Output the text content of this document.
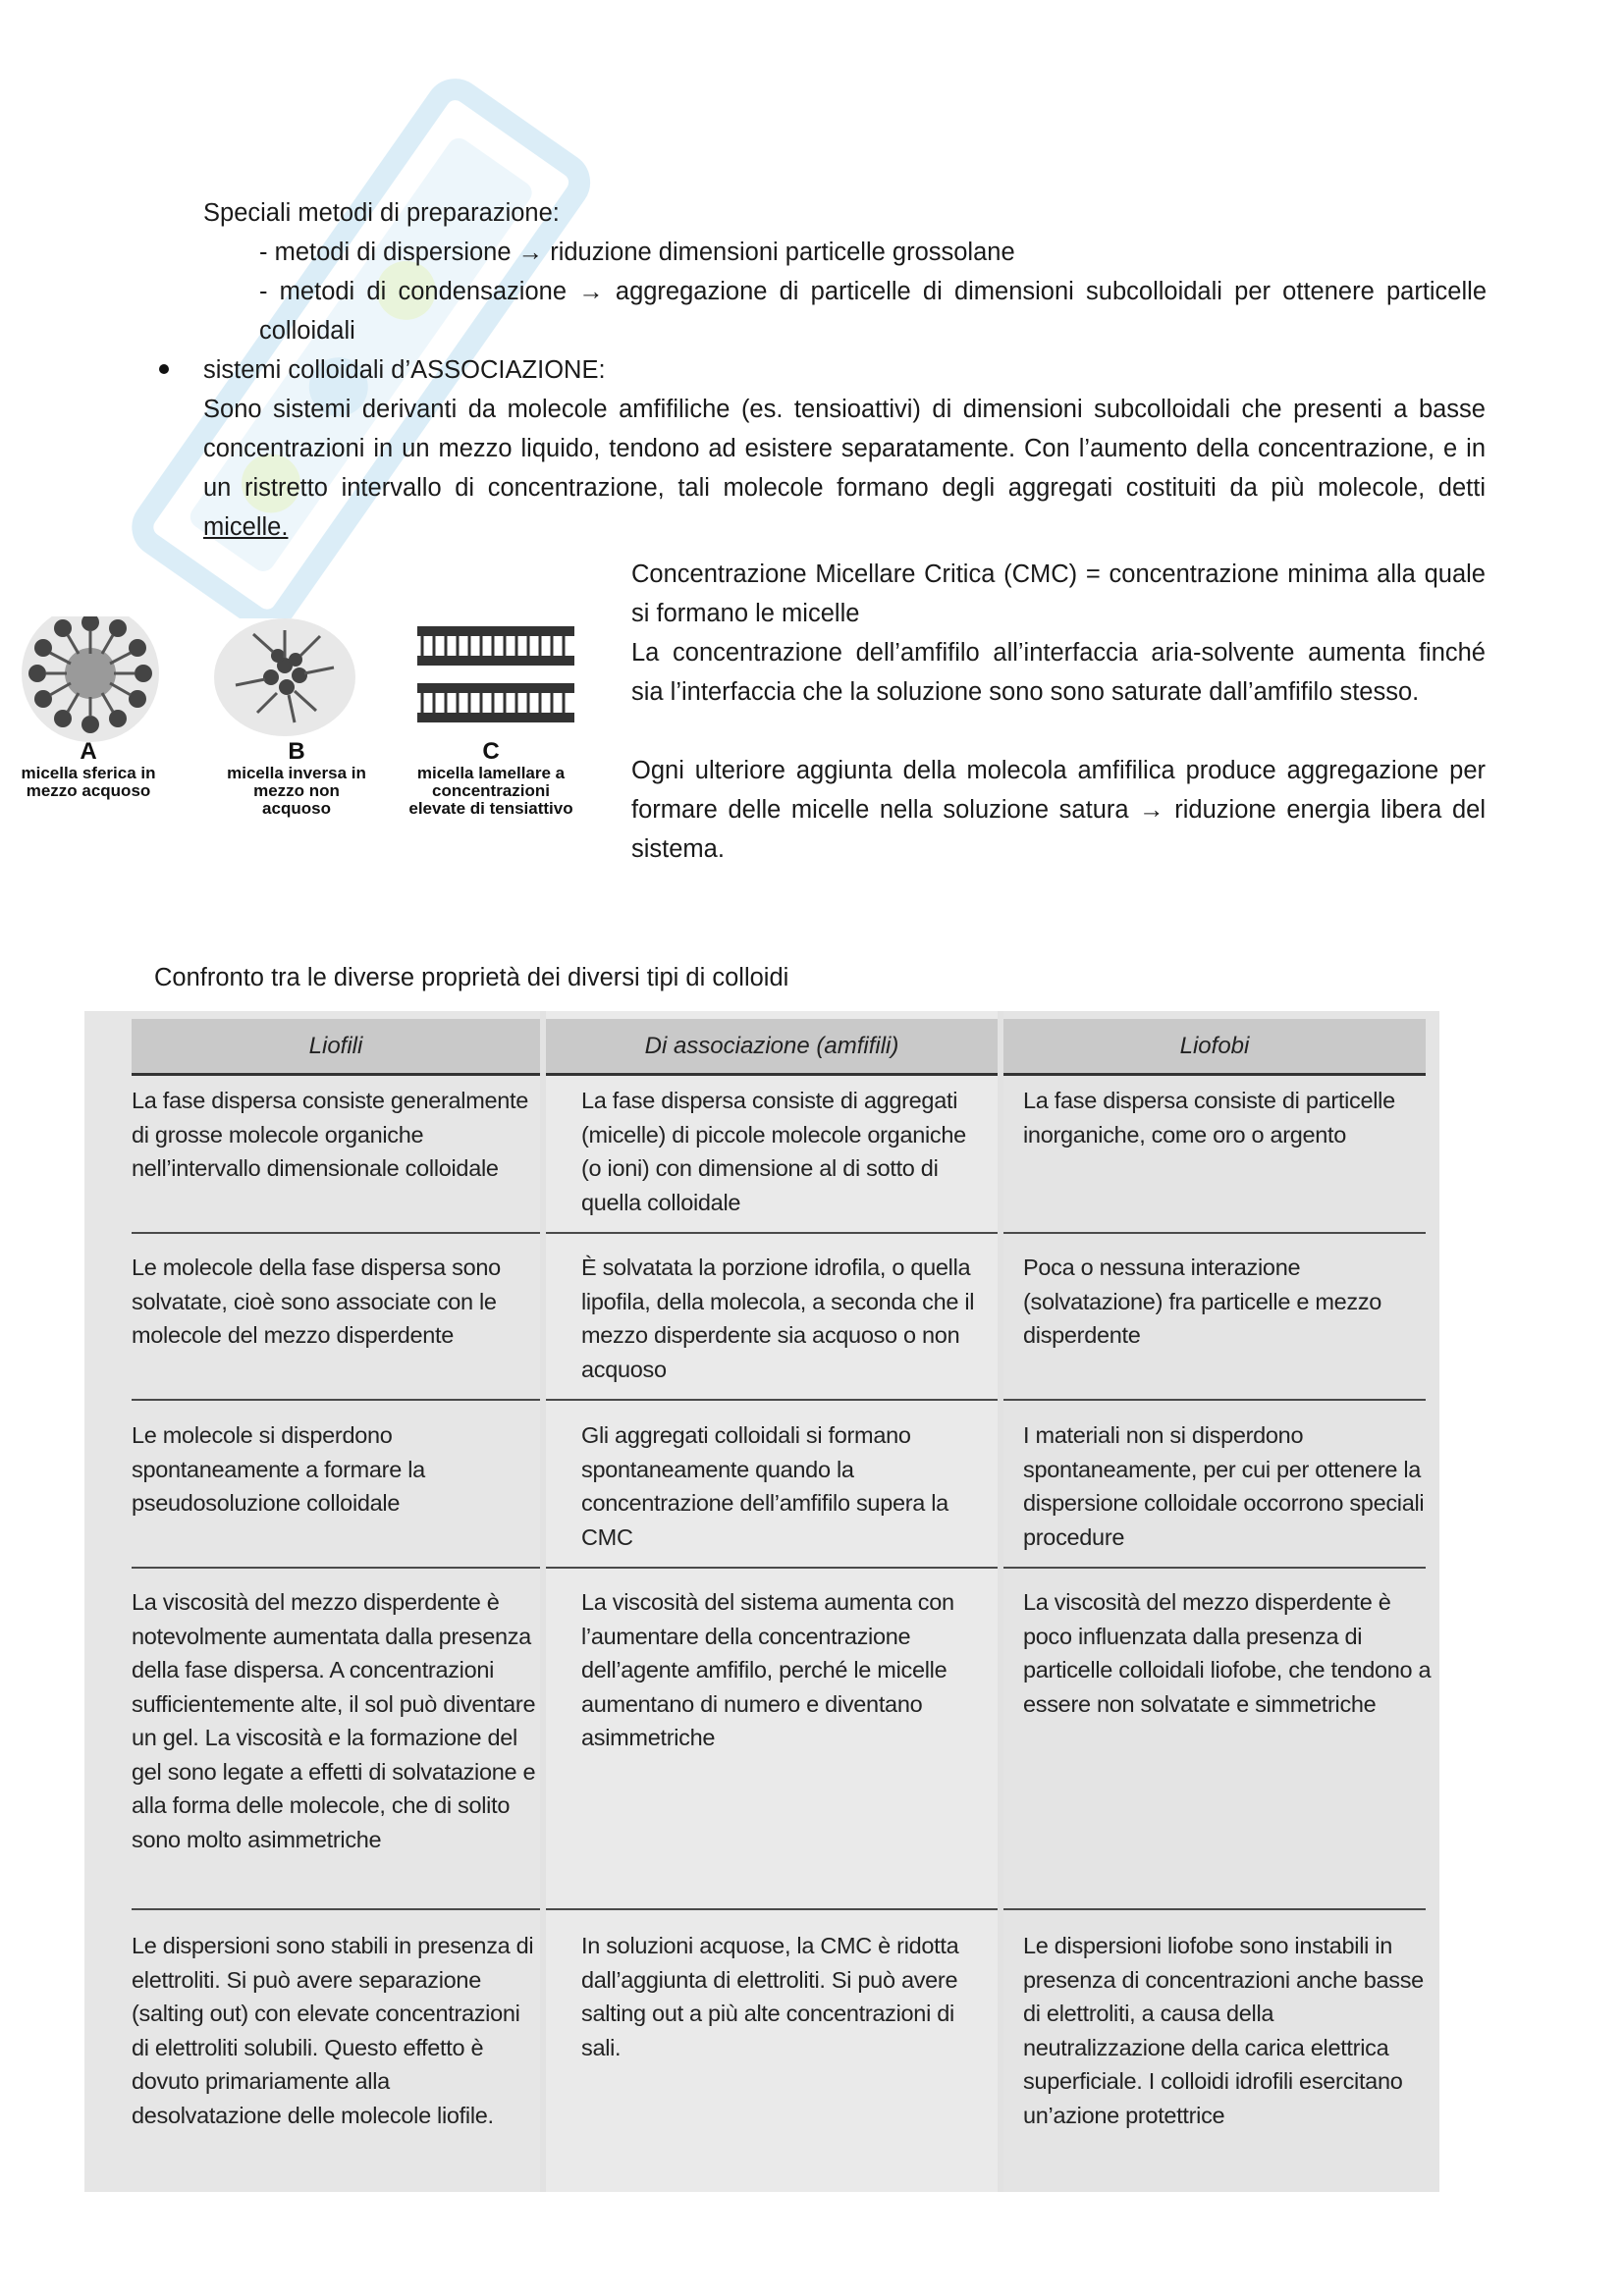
Speciali metodi di preparazione:
- metodi di dispersione → riduzione dimensioni particelle grossolane
- metodi di condensazione → aggregazione di particelle di dimensioni subcolloidali per ottenere particelle colloidali
sistemi colloidali d’ASSOCIAZIONE:
Sono sistemi derivanti da molecole amfifiliche (es. tensioattivi) di dimensioni subcolloidali che presenti a basse concentrazioni in un mezzo liquido, tendono ad esistere separatamente. Con l’aumento della concentrazione, e in un ristretto intervallo di concentrazione, tali molecole formano degli aggregati costituiti da più molecole, detti micelle.
Concentrazione Micellare Critica (CMC) = concentrazione minima alla quale si formano le micelle
La concentrazione dell’amfifilo all’interfaccia aria-solvente aumenta finché sia l’interfaccia che la soluzione sono sono saturate dall’amfifilo stesso.
Ogni ulteriore aggiunta della molecola amfifilica produce aggregazione per formare delle micelle nella soluzione satura → riduzione energia libera del sistema.
A
micella sferica in mezzo acquoso
B
micella inversa in mezzo non acquoso
C
micella lamellare a concentrazioni elevate di tensiattivo
Confronto tra le diverse proprietà dei diversi tipi di colloidi
Liofili	Di associazione (amfifili)	Liofobi
La fase dispersa consiste generalmente di grosse molecole organiche nell’intervallo dimensionale colloidale
La fase dispersa consiste di aggregati (micelle) di piccole molecole organiche (o ioni) con dimensione al di sotto di quella colloidale
La fase dispersa consiste di particelle inorganiche, come oro o argento
Le molecole della fase dispersa sono solvatate, cioè sono associate con le molecole del mezzo disperdente
È solvatata la porzione idrofila, o quella lipofila, della molecola, a seconda che il mezzo disperdente sia acquoso o non acquoso
Poca o nessuna interazione (solvatazione) fra particelle e mezzo disperdente
Le molecole si disperdono spontaneamente a formare la pseudosoluzione colloidale
Gli aggregati colloidali si formano spontaneamente quando la concentrazione dell’amfifilo supera la CMC
I materiali non si disperdono spontaneamente, per cui per ottenere la dispersione colloidale occorrono speciali procedure
La viscosità del mezzo disperdente è notevolmente aumentata dalla presenza della fase dispersa. A concentrazioni sufficientemente alte, il sol può diventare un gel. La viscosità e la formazione del gel sono legate a effetti di solvatazione e alla forma delle molecole, che di solito sono molto asimmetriche
La viscosità del sistema aumenta con l’aumentare della concentrazione dell’agente amfifilo, perché le micelle aumentano di numero e diventano asimmetriche
La viscosità del mezzo disperdente è poco influenzata dalla presenza di particelle colloidali liofobe, che tendono a essere non solvatate e simmetriche
Le dispersioni sono stabili in presenza di elettroliti. Si può avere separazione (salting out) con elevate concentrazioni di elettroliti solubili. Questo effetto è dovuto primariamente alla desolvatazione delle molecole liofile.
In soluzioni acquose, la CMC è ridotta dall’aggiunta di elettroliti. Si può avere salting out a più alte concentrazioni di sali.
Le dispersioni liofobe sono instabili in presenza di concentrazioni anche basse di elettroliti, a causa della neutralizzazione della carica elettrica superficiale. I colloidi idrofili esercitano un’azione protettrice
